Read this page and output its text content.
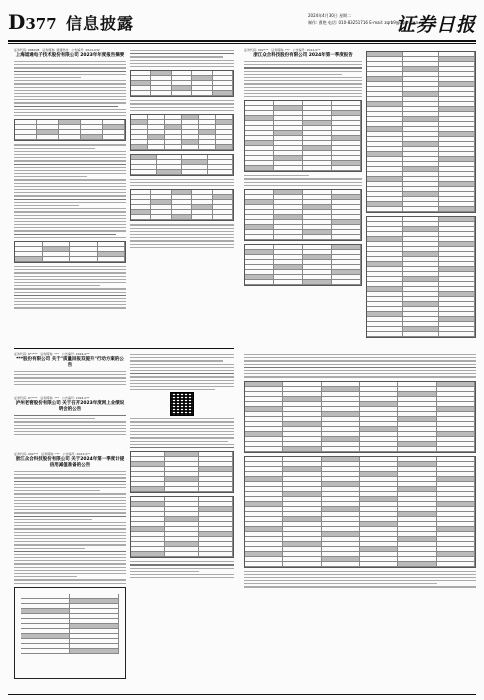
D377 信息披露	2024年4月30日 星期二
制作: 曹艳 电话: 010-83251716 E-mail: zqrb9@zqrb.sina.net
证券日报
证券代码: 688208　证券简称: 道通科技　公告编号: 2024-032
上海道通电子技术股份有限公司 2023年年度报告摘要
证券代码: 002***　证券简称: ***　公告编号: 2024-0**
浙江众合科技股份有限公司 2024年第一季度报告
证券代码: 6*****　证券简称: ***　公告编号: 2024-0**
***股份有限公司 关于"质量回报双提升"行动方案的公告
证券代码: 6*****　证券简称: ***　公告编号: 2024-0**
泸州老窖股份有限公司 关于召开2023年度网上业绩说明会的公告
证券代码: 002***　证券简称: ***　公告编号: 2024-0**
浙江众合科技股份有限公司 关于2024年第一季度计提信用减值准备的公告
